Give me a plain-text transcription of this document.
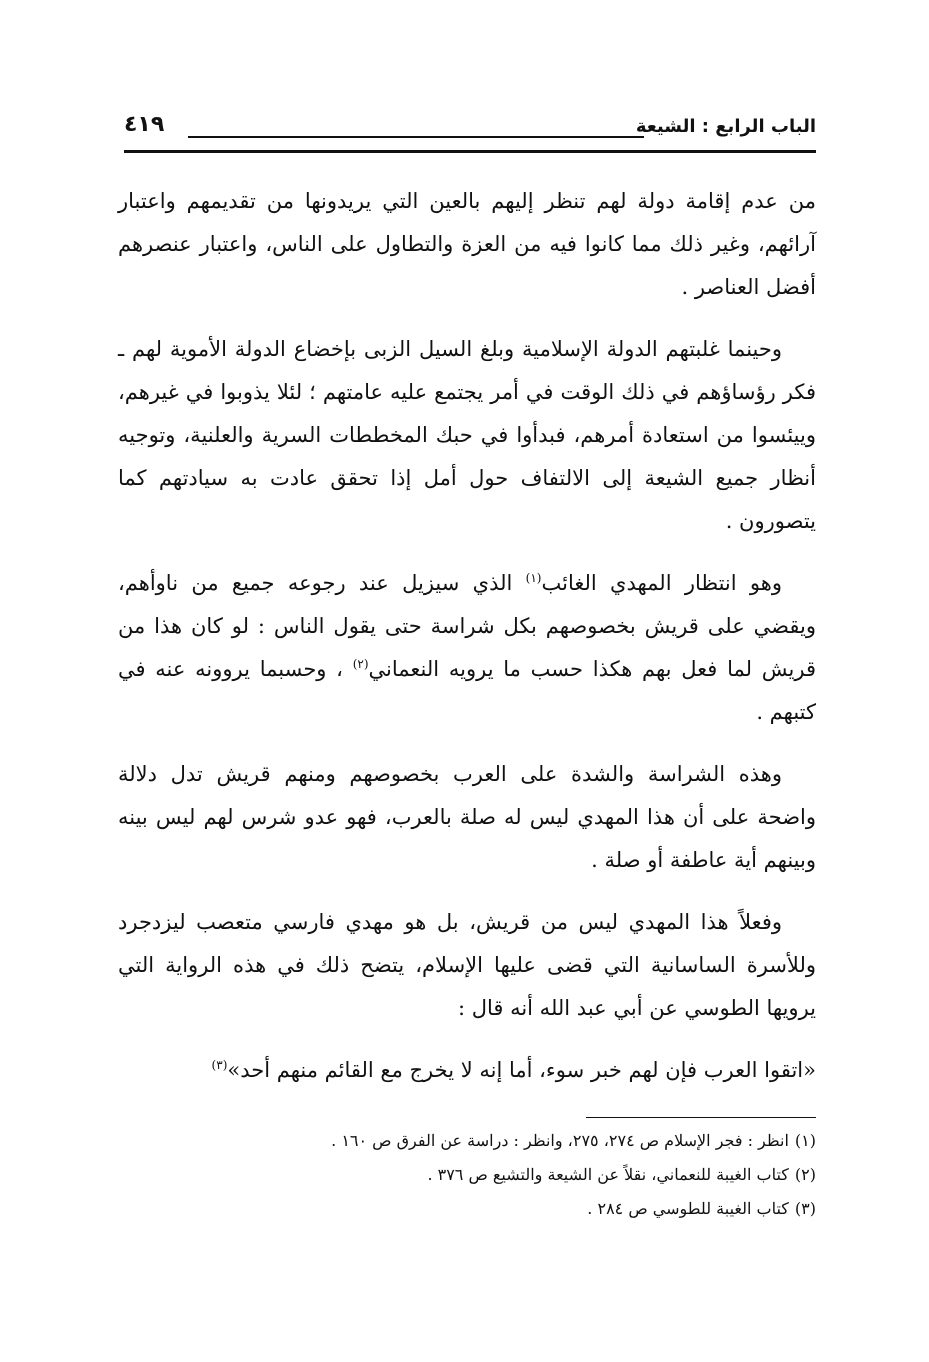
الباب الرابع : الشيعة
٤١٩

من عدم إقامة دولة لهم تنظر إليهم بالعين التي يريدونها من تقديمهم واعتبار آرائهم، وغير ذلك مما كانوا فيه من العزة والتطاول على الناس، واعتبار عنصرهم أفضل العناصر .

وحينما غلبتهم الدولة الإسلامية وبلغ السيل الزبى بإخضاع الدولة الأموية لهم ـ فكر رؤساؤهم في ذلك الوقت في أمر يجتمع عليه عامتهم ؛ لئلا يذوبوا في غيرهم، وييئسوا من استعادة أمرهم، فبدأوا في حبك المخططات السرية والعلنية، وتوجيه أنظار جميع الشيعة إلى الالتفاف حول أمل إذا تحقق عادت به سيادتهم كما يتصورون .

وهو انتظار المهدي الغائب$^{(١)}$ الذي سيزيل عند رجوعه جميع من ناوأهم، ويقضي على قريش بخصوصهم بكل شراسة حتى يقول الناس : لو كان هذا من قريش لما فعل بهم هكذا حسب ما يرويه النعماني$^{(٢)}$ ، وحسبما يروونه عنه في كتبهم .

وهذه الشراسة والشدة على العرب بخصوصهم ومنهم قريش تدل دلالة واضحة على أن هذا المهدي ليس له صلة بالعرب، فهو عدو شرس لهم ليس بينه وبينهم أية عاطفة أو صلة .

وفعلاً هذا المهدي ليس من قريش، بل هو مهدي فارسي متعصب ليزدجرد وللأسرة الساسانية التي قضى عليها الإسلام، يتضح ذلك في هذه الرواية التي يرويها الطوسي عن أبي عبد الله أنه قال :

«اتقوا العرب فإن لهم خبر سوء، أما إنه لا يخرج مع القائم منهم أحد»$^{(٣)}$

(١)انظر : فجر الإسلام ص ٢٧٤، ٢٧٥، وانظر : دراسة عن الفرق ص ١٦٠ .
(٢)كتاب الغيبة للنعماني، نقلاً عن الشيعة والتشيع ص ٣٧٦ .
(٣)كتاب الغيبة للطوسي ص ٢٨٤ .
